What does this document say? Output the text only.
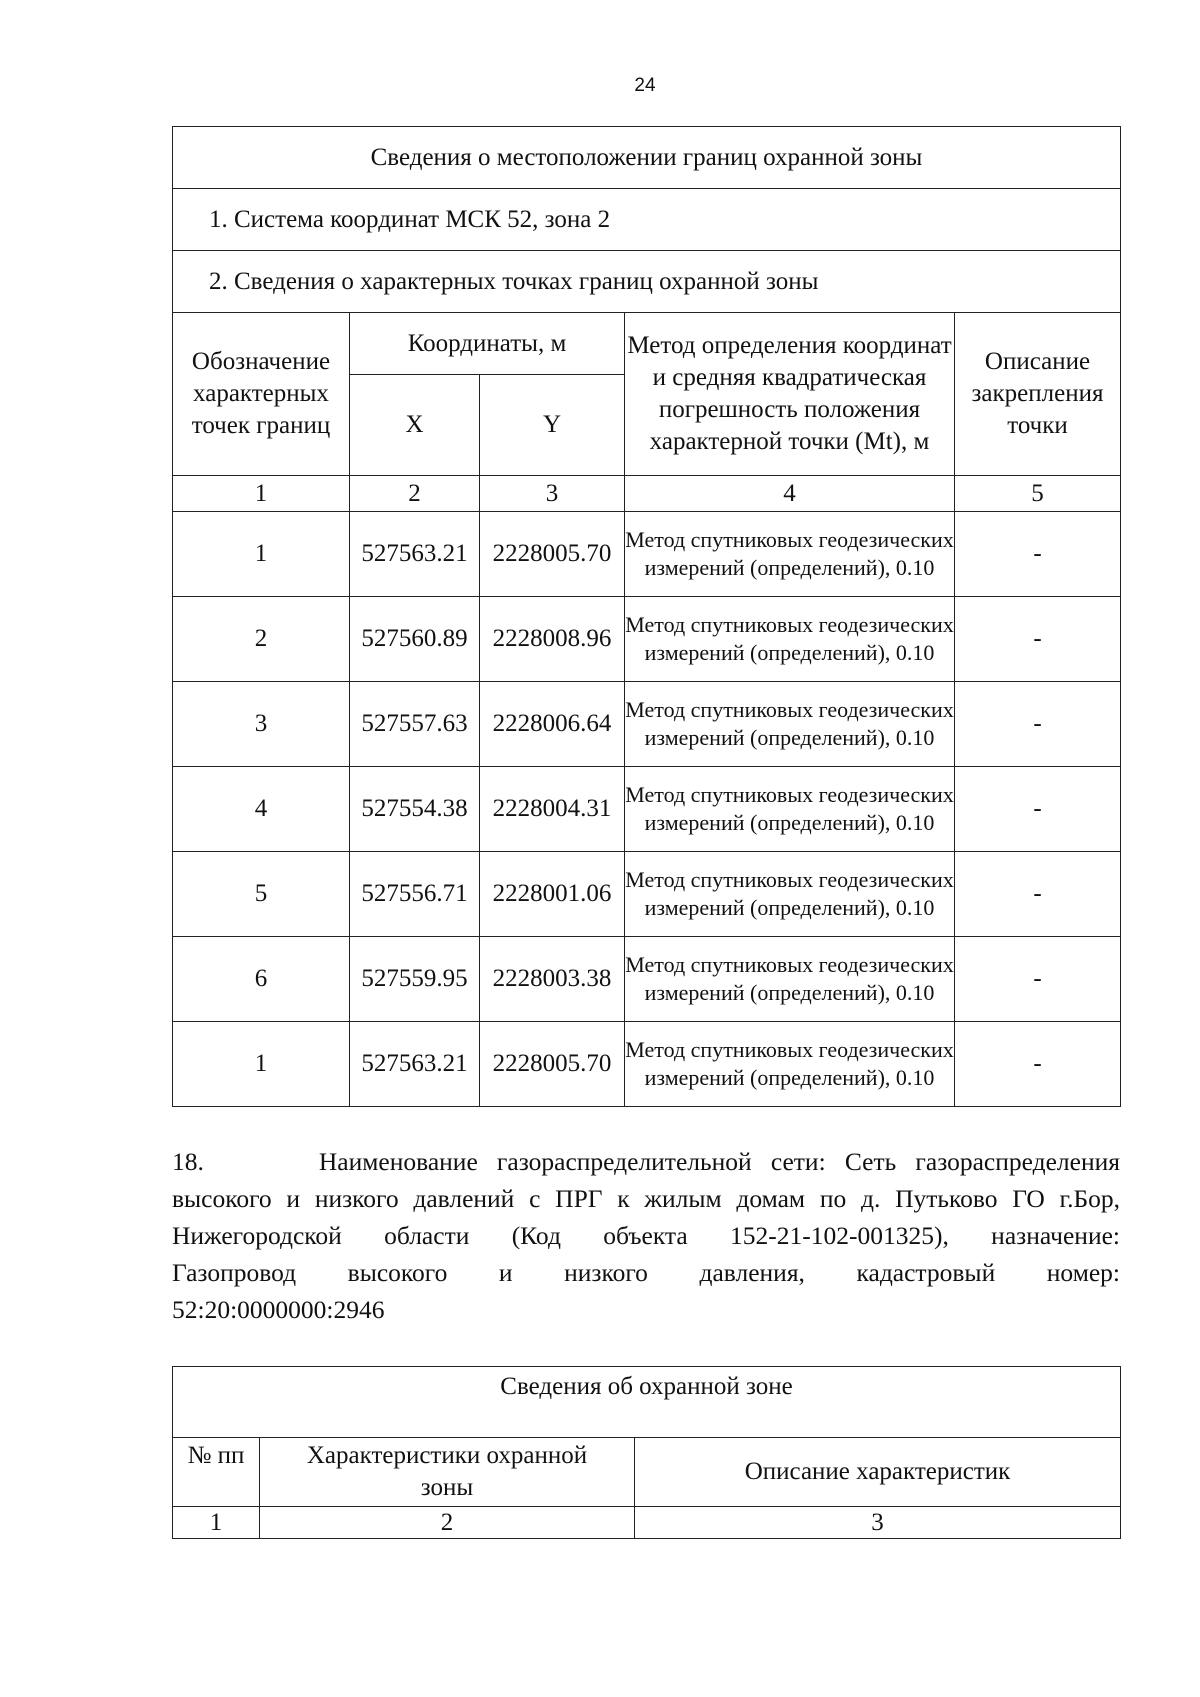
24
Сведения о местоположении границ охранной зоны				
1. Система координат МСК 52, зона 2				
2. Сведения о характерных точках границ охранной зоны				
Обозначение характерных точек границ	Координаты, м		Метод определения координат и средняя квадратическая погрешность положения характерной точки (Mt), м	Описание закрепления точки
	X	Y		
1	2	3	4	5
1	527563.21	2228005.70	Метод спутниковых геодезических измерений (определений), 0.10	-
2	527560.89	2228008.96	Метод спутниковых геодезических измерений (определений), 0.10	-
3	527557.63	2228006.64	Метод спутниковых геодезических измерений (определений), 0.10	-
4	527554.38	2228004.31	Метод спутниковых геодезических измерений (определений), 0.10	-
5	527556.71	2228001.06	Метод спутниковых геодезических измерений (определений), 0.10	-
6	527559.95	2228003.38	Метод спутниковых геодезических измерений (определений), 0.10	-
1	527563.21	2228005.70	Метод спутниковых геодезических измерений (определений), 0.10	-
18.      Наименование газораспределительной сети: Сеть газораспределения
высокого и низкого давлений с ПРГ к жилым домам по д. Путьково ГО г.Бор,
Нижегородской области (Код объекта 152-21-102-001325), назначение:
Газопровод высокого и низкого давления, кадастровый номер:
52:20:0000000:2946
Сведения об охранной зоне		
№ пп	Характеристики охранной зоны	Описание характеристик
1	2	3
